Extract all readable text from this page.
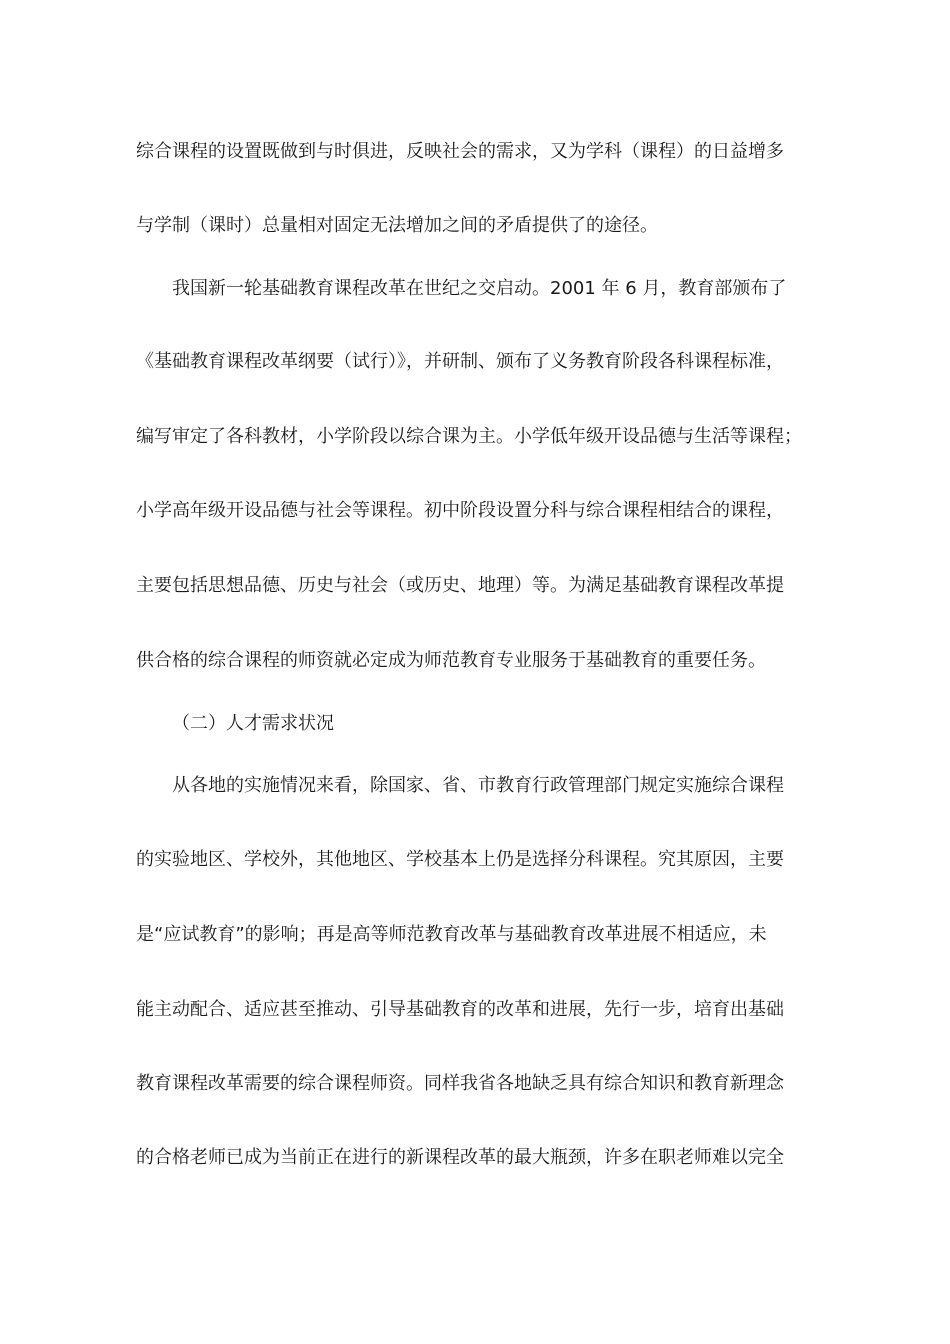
综合课程的设置既做到与时俱进，反映社会的需求，又为学科（课程）的日益增多
与学制（课时）总量相对固定无法增加之间的矛盾提供了的途径。
我国新一轮基础教育课程改革在世纪之交启动。2001 年 6 月，教育部颁布了
《基础教育课程改革纲要（试行）》，并研制、颁布了义务教育阶段各科课程标准，
编写审定了各科教材，小学阶段以综合课为主。小学低年级开设品德与生活等课程；
小学高年级开设品德与社会等课程。初中阶段设置分科与综合课程相结合的课程，
主要包括思想品德、历史与社会（或历史、地理）等。为满足基础教育课程改革提
供合格的综合课程的师资就必定成为师范教育专业服务于基础教育的重要任务。
（二）人才需求状况
从各地的实施情况来看，除国家、省、市教育行政管理部门规定实施综合课程
的实验地区、学校外，其他地区、学校基本上仍是选择分科课程。究其原因，主要
是“应试教育”的影响；再是高等师范教育改革与基础教育改革进展不相适应，未
能主动配合、适应甚至推动、引导基础教育的改革和进展，先行一步，培育出基础
教育课程改革需要的综合课程师资。同样我省各地缺乏具有综合知识和教育新理念
的合格老师已成为当前正在进行的新课程改革的最大瓶颈，许多在职老师难以完全
